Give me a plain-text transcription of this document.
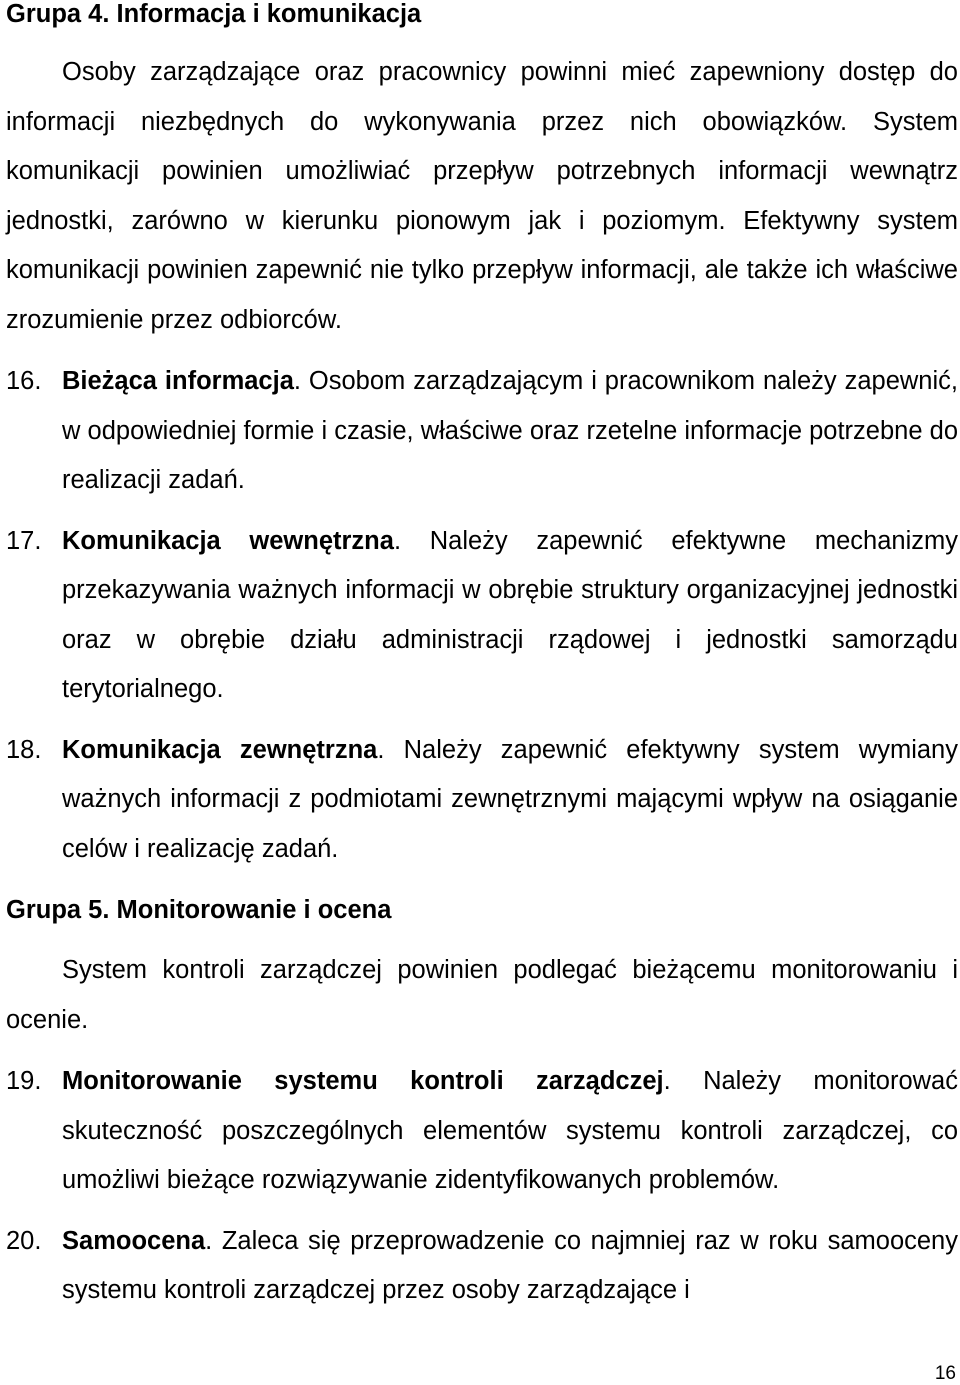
Grupa 4. Informacja i komunikacja

Osoby zarządzające oraz pracownicy powinni mieć zapewniony dostęp do informacji niezbędnych do wykonywania przez nich obowiązków. System komunikacji powinien umożliwiać przepływ potrzebnych informacji wewnątrz jednostki, zarówno w kierunku pionowym jak i poziomym. Efektywny system komunikacji powinien zapewnić nie tylko przepływ informacji, ale także ich właściwe zrozumienie przez odbiorców.

16. Bieżąca informacja. Osobom zarządzającym i pracownikom należy zapewnić, w odpowiedniej formie i czasie, właściwe oraz rzetelne informacje potrzebne do realizacji zadań.

17. Komunikacja wewnętrzna. Należy zapewnić efektywne mechanizmy przekazywania ważnych informacji w obrębie struktury organizacyjnej jednostki oraz w obrębie działu administracji rządowej i jednostki samorządu terytorialnego.

18. Komunikacja zewnętrzna. Należy zapewnić efektywny system wymiany ważnych informacji z podmiotami zewnętrznymi mającymi wpływ na osiąganie celów i realizację zadań.

Grupa 5. Monitorowanie i ocena

System kontroli zarządczej powinien podlegać bieżącemu monitorowaniu i ocenie.

19. Monitorowanie systemu kontroli zarządczej. Należy monitorować skuteczność poszczególnych elementów systemu kontroli zarządczej, co umożliwi bieżące rozwiązywanie zidentyfikowanych problemów.

20. Samoocena. Zaleca się przeprowadzenie co najmniej raz w roku samooceny systemu kontroli zarządczej przez osoby zarządzające i

16
